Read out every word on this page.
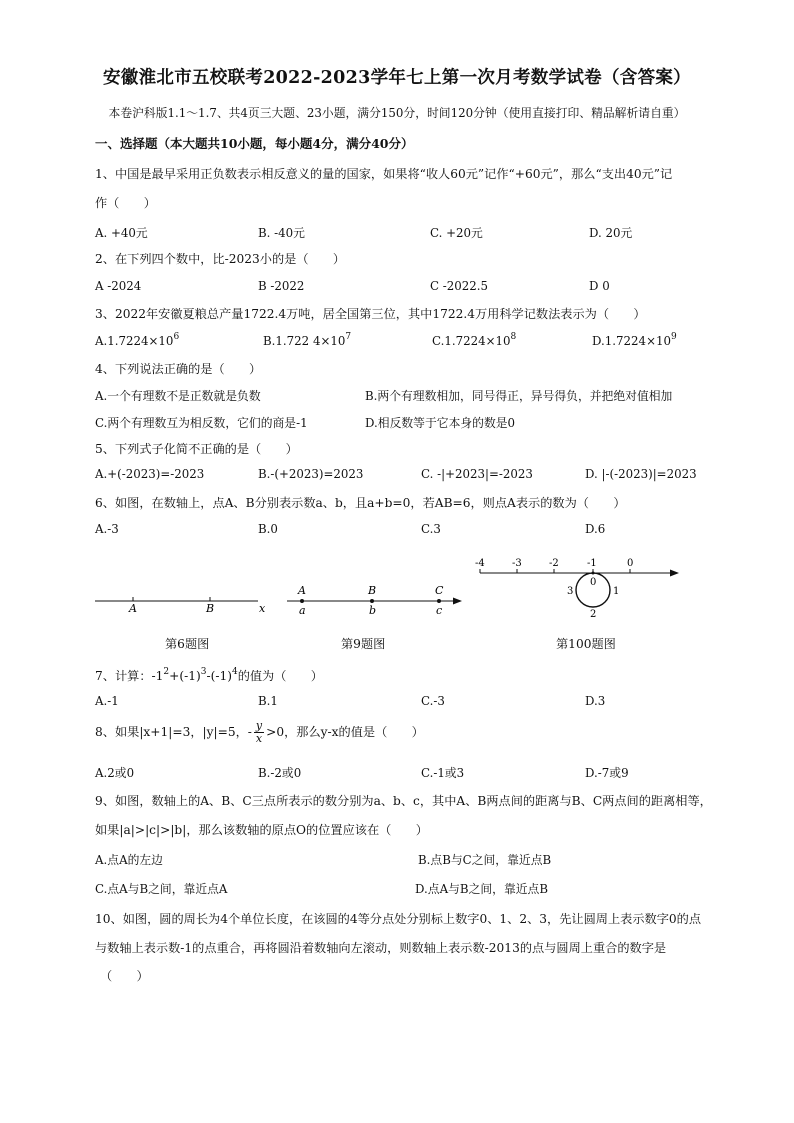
安徽淮北市五校联考2022-2023学年七上第一次月考数学试卷（含答案）
本卷沪科版1.1～1.7、共4页三大题、23小题，满分150分，时间120分钟（使用直接打印、精品解析请自重）
一、选择题（本大题共10小题，每小题4分，满分40分）
1、中国是最早采用正负数表示相反意义的量的国家，如果将“收人60元”记作“+60元”，那么“支出40元”记
作（　　）
A. +40元	B. -40元	C. +20元	D. 20元
2、在下列四个数中，比-2023小的是（　　）
A -2024	B -2022	C -2022.5	D 0
3、2022年安徽夏粮总产量1722.4万吨，居全国第三位，其中1722.4万用科学记数法表示为（　　）
$A.1.7224\times 10^6$	B.1.722 $4\times 10^7$	$C.1.7224\times 10^8$	$D.1.7224\times 10^9$
4、下列说法正确的是（　　）
A.一个有理数不是正数就是负数	B.两个有理数相加，同号得正，异号得负，并把绝对值相加
C.两个有理数互为相反数，它们的商是-1	D.相反数等于它本身的数是0
5、下列式子化简不正确的是（　　）
A.+(-2023)=-2023	B.-(+2023)=2023	C. -|+2023|=-2023	D. |-(-2023)|=2023
6、如图，在数轴上，点A、B分别表示数a、b，且a+b=0，若AB=6，则点A表示的数为（　　）
A.-3	B.0	C.3	D.6
A	B	x
A	B	C
a	b	c
-4	-3	-2	-1	0
0
1
2
3
第6题图	第9题图	第100题图
7、计算：$-1^2+(-1)^3-(-1)^4$的值为（　　）
A.-1	B.1	C.-3	D.3
8、如果|x+1|=3，|y|=5，- $\frac{y}{x} >0$，那么y-x的值是（　　）
A.2或0	B.-2或0	C.-1或3	D.-7或9
9、如图，数轴上的A、B、C三点所表示的数分别为a、b、c，其中A、B两点间的距离与B、C两点间的距离相等，
如果|a|>|c|>|b|，那么该数轴的原点O的位置应该在（　　）
A.点A的左边	B.点B与C之间，靠近点B
C.点A与B之间，靠近点A	D.点A与B之间，靠近点B
10、如图，圆的周长为4个单位长度，在该圆的4等分点处分别标上数字0、1、2、3，先让圆周上表示数字0的点
与数轴上表示数-1的点重合，再将圆沿着数轴向左滚动，则数轴上表示数-2013的点与圆周上重合的数字是
（　　）
